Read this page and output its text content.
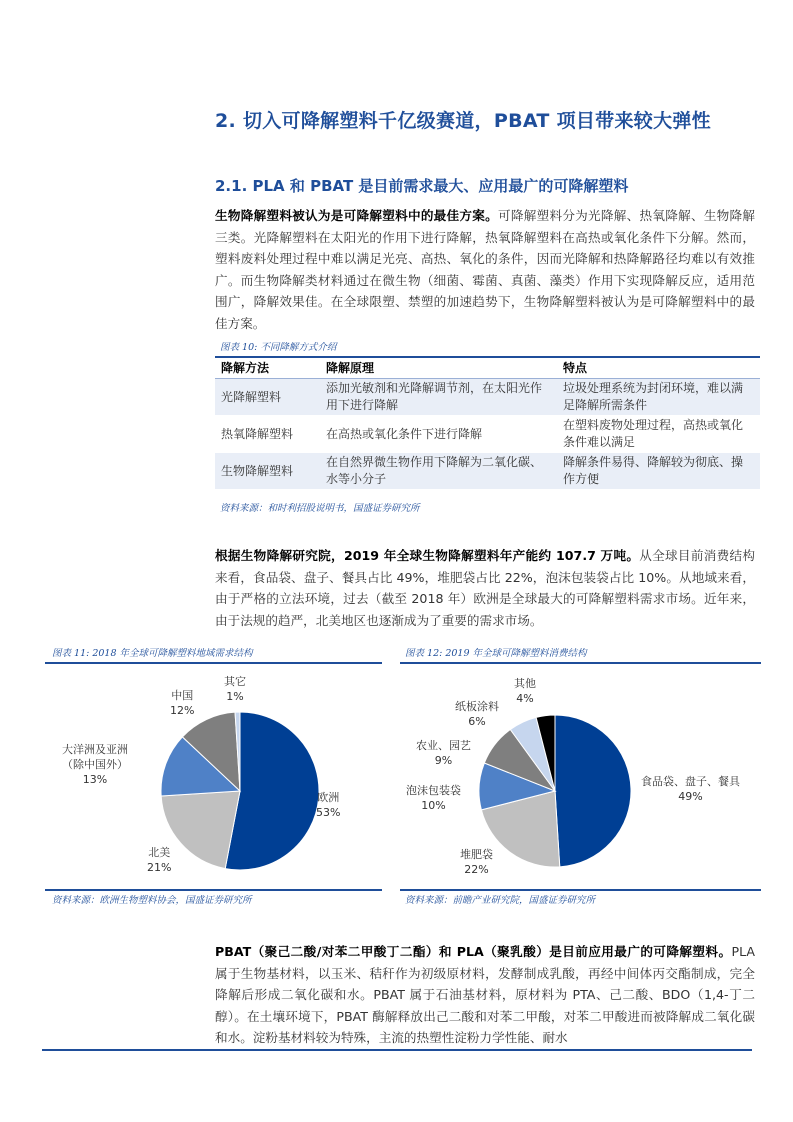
2. 切入可降解塑料千亿级赛道，PBAT 项目带来较大弹性
2.1. PLA 和 PBAT 是目前需求最大、应用最广的可降解塑料
生物降解塑料被认为是可降解塑料中的最佳方案。可降解塑料分为光降解、热氧降解、生物降解三类。光降解塑料在太阳光的作用下进行降解，热氧降解塑料在高热或氧化条件下分解。然而，塑料废料处理过程中难以满足光亮、高热、氧化的条件，因而光降解和热降解路径均难以有效推广。而生物降解类材料通过在微生物（细菌、霉菌、真菌、藻类）作用下实现降解反应，适用范围广，降解效果佳。在全球限塑、禁塑的加速趋势下，生物降解塑料被认为是可降解塑料中的最佳方案。
图表 10: 不同降解方式介绍
降解方法	降解原理	特点
光降解塑料	添加光敏剂和光降解调节剂，在太阳光作用下进行降解	垃圾处理系统为封闭环境，难以满足降解所需条件
热氧降解塑料	在高热或氧化条件下进行降解	在塑料废物处理过程，高热或氧化条件难以满足
生物降解塑料	在自然界微生物作用下降解为二氧化碳、水等小分子	降解条件易得、降解较为彻底、操作方便
资料来源：和时利招股说明书，国盛证券研究所
根据生物降解研究院，2019 年全球生物降解塑料年产能约 107.7 万吨。从全球目前消费结构来看，食品袋、盘子、餐具占比 49%，堆肥袋占比 22%，泡沫包装袋占比 10%。从地域来看，由于严格的立法环境，过去（截至 2018 年）欧洲是全球最大的可降解塑料需求市场。近年来，由于法规的趋严，北美地区也逐渐成为了重要的需求市场。
图表 11: 2018 年全球可降解塑料地域需求结构
欧洲
53%
北美
21%
大洋洲及亚洲
（除中国外）
13%
中国
12%
其它
1%
资料来源：欧洲生物塑料协会，国盛证券研究所
图表 12: 2019 年全球可降解塑料消费结构
食品袋、盘子、餐具
49%
堆肥袋
22%
泡沫包装袋
10%
农业、园艺
9%
纸板涂料
6%
其他
4%
资料来源：前瞻产业研究院，国盛证券研究所
PBAT（聚己二酸/对苯二甲酸丁二酯）和 PLA（聚乳酸）是目前应用最广的可降解塑料。PLA 属于生物基材料，以玉米、秸秆作为初级原材料，发酵制成乳酸，再经中间体丙交酯制成，完全降解后形成二氧化碳和水。PBAT 属于石油基材料，原材料为 PTA、己二酸、BDO（1,4-丁二醇）。在土壤环境下，PBAT 酶解释放出己二酸和对苯二甲酸，对苯二甲酸进而被降解成二氧化碳和水。淀粉基材料较为特殊，主流的热塑性淀粉力学性能、耐水
